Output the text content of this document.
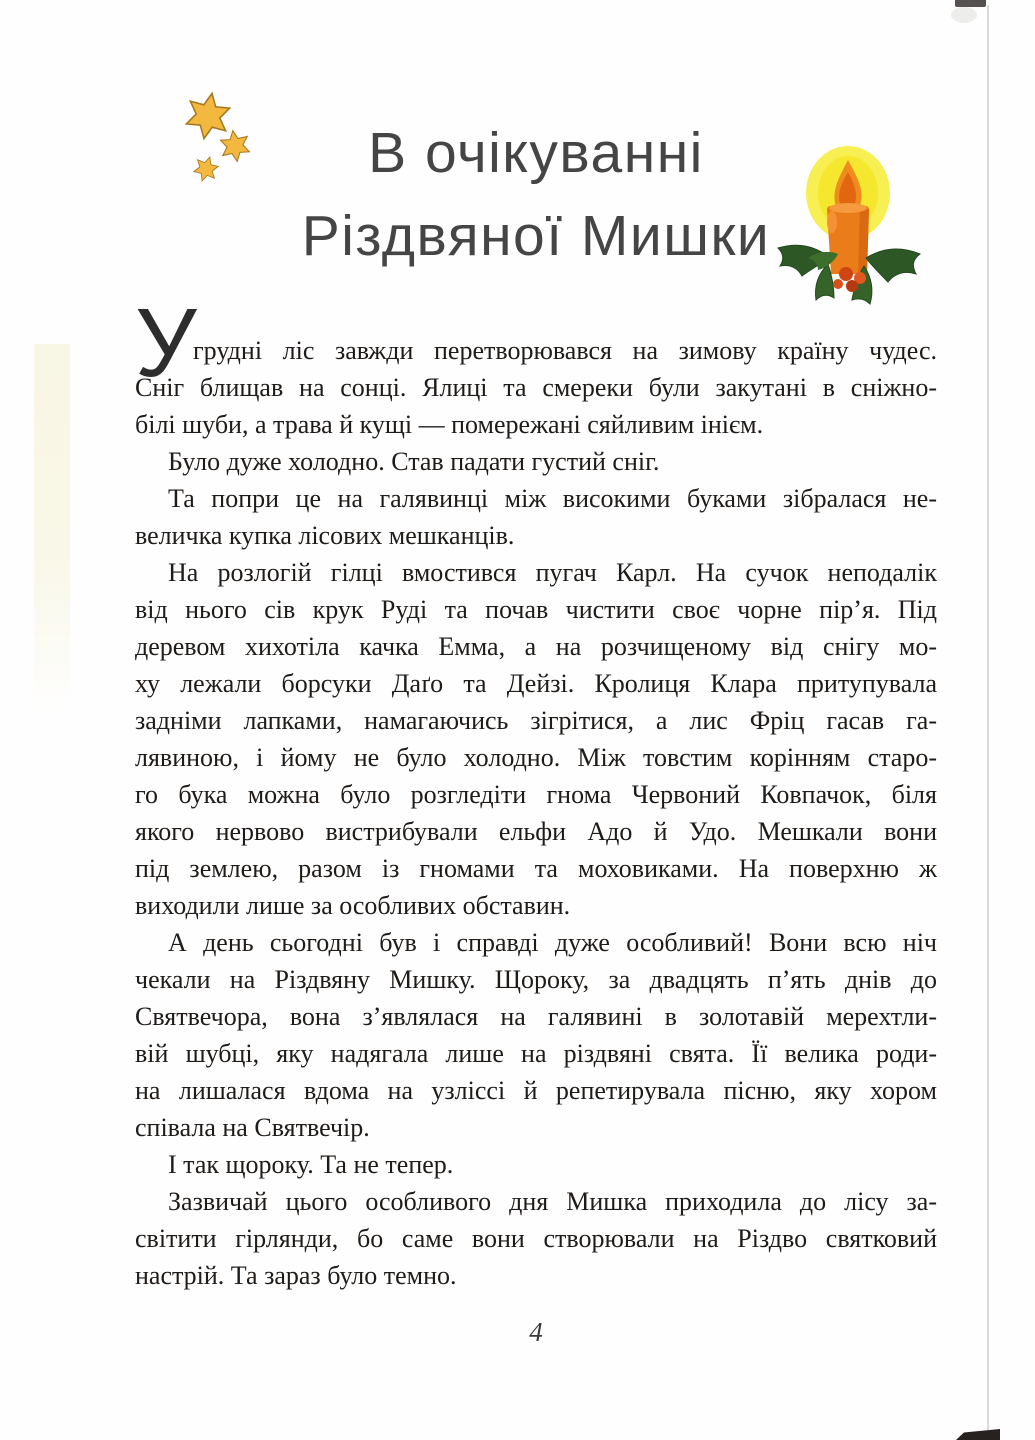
В очікуванні
Різдвяної Мишки
У
грудні ліс завжди перетворювався на зимову країну чудес.
Сніг блищав на сонці. Ялиці та смереки були закутані в сніжно-
білі шуби, а трава й кущі — помережані сяйливим інієм.
Було дуже холодно. Став падати густий сніг.
Та попри це на галявинці між високими буками зібралася не-
величка купка лісових мешканців.
На розлогій гілці вмостився пугач Карл. На сучок неподалік
від нього сів крук Руді та почав чистити своє чорне пір’я. Під
деревом хихотіла качка Емма, а на розчищеному від снігу мо-
ху лежали борсуки Даґо та Дейзі. Кролиця Клара притупувала
задніми лапками, намагаючись зігрітися, а лис Фріц гасав га-
лявиною, і йому не було холодно. Між товстим корінням старо-
го бука можна було розгледіти гнома Червоний Ковпачок, біля
якого нервово вистрибували ельфи Адо й Удо. Мешкали вони
під землею, разом із гномами та моховиками. На поверхню ж
виходили лише за особливих обставин.
А день сьогодні був і справді дуже особливий! Вони всю ніч
чекали на Різдвяну Мишку. Щороку, за двадцять п’ять днів до
Святвечора, вона з’являлася на галявині в золотавій мерехтли-
вій шубці, яку надягала лише на різдвяні свята. Її велика роди-
на лишалася вдома на узліссі й репетирувала пісню, яку хором
співала на Святвечір.
І так щороку. Та не тепер.
Зазвичай цього особливого дня Мишка приходила до лісу за-
світити гірлянди, бо саме вони створювали на Різдво святковий
настрій. Та зараз було темно.
4
